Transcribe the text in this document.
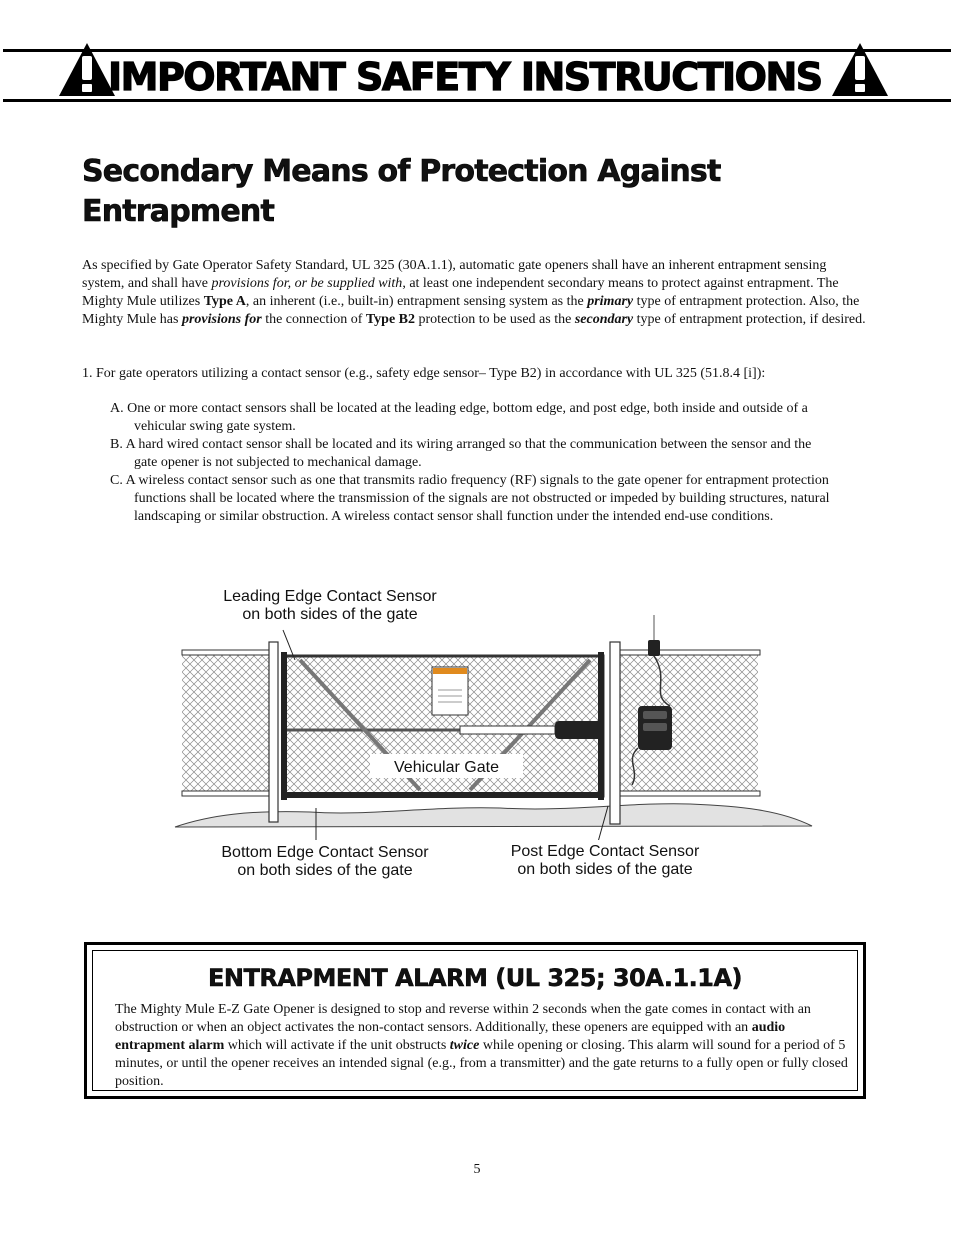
IMPORTANT SAFETY INSTRUCTIONS
Secondary Means of Protection Against Entrapment

As specified by Gate Operator Safety Standard, UL 325 (30A.1.1), automatic gate openers shall have an inherent entrapment sensing system, and shall have provisions for, or be supplied with, at least one independent secondary means to protect against entrapment. The Mighty Mule utilizes Type A, an inherent (i.e., built-in) entrapment sensing system as the primary type of entrapment protection. Also, the Mighty Mule has provisions for the connection of Type B2 protection to be used as the secondary type of entrapment protection, if desired.

1. For gate operators utilizing a contact sensor (e.g., safety edge sensor– Type B2) in accordance with UL 325 (51.8.4 [i]):

A. One or more contact sensors shall be located at the leading edge, bottom edge, and post edge, both inside and outside of a vehicular swing gate system.
B. A hard wired contact sensor shall be located and its wiring arranged so that the communication between the sensor and the gate opener is not subjected to mechanical damage.
C. A wireless contact sensor such as one that transmits radio frequency (RF) signals to the gate opener for entrapment protection functions shall be located where the transmission of the signals are not obstructed or impeded by building structures, natural landscaping or similar obstruction. A wireless contact sensor shall function under the intended end-use conditions.
Leading Edge Contact Sensor
on both sides of the gate
Vehicular Gate
Bottom Edge Contact Sensor
on both sides of the gate
Post Edge Contact Sensor
on both sides of the gate
ENTRAPMENT ALARM (UL 325; 30A.1.1A)

The Mighty Mule E-Z Gate Opener is designed to stop and reverse within 2 seconds when the gate comes in contact with an obstruction or when an object activates the non-contact sensors. Additionally, these openers are equipped with an audio entrapment alarm which will activate if the unit obstructs twice while opening or closing. This alarm will sound for a period of 5 minutes, or until the opener receives an intended signal (e.g., from a transmitter) and the gate returns to a fully open or fully closed position.

5
